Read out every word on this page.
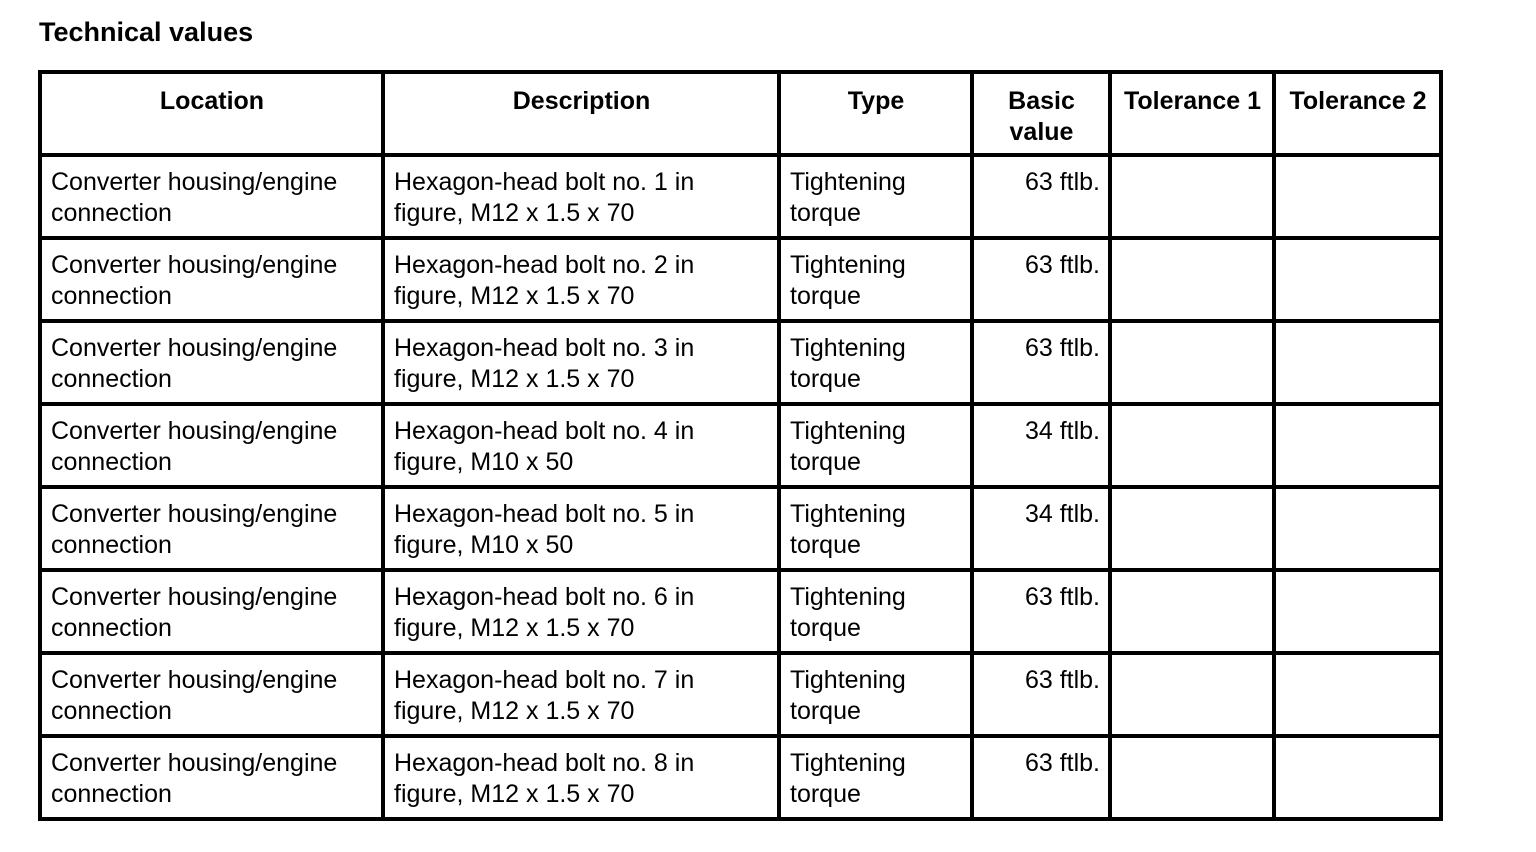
Technical values
Location	Description	Type	Basic value	Tolerance 1	Tolerance 2
Converter housing/engine connection	Hexagon-head bolt no. 1 in figure, M12 x 1.5 x 70	Tightening torque	63 ftlb.		
Converter housing/engine connection	Hexagon-head bolt no. 2 in figure, M12 x 1.5 x 70	Tightening torque	63 ftlb.		
Converter housing/engine connection	Hexagon-head bolt no. 3 in figure, M12 x 1.5 x 70	Tightening torque	63 ftlb.		
Converter housing/engine connection	Hexagon-head bolt no. 4 in figure, M10 x 50	Tightening torque	34 ftlb.		
Converter housing/engine connection	Hexagon-head bolt no. 5 in figure, M10 x 50	Tightening torque	34 ftlb.		
Converter housing/engine connection	Hexagon-head bolt no. 6 in figure, M12 x 1.5 x 70	Tightening torque	63 ftlb.		
Converter housing/engine connection	Hexagon-head bolt no. 7 in figure, M12 x 1.5 x 70	Tightening torque	63 ftlb.		
Converter housing/engine connection	Hexagon-head bolt no. 8 in figure, M12 x 1.5 x 70	Tightening torque	63 ftlb.		
